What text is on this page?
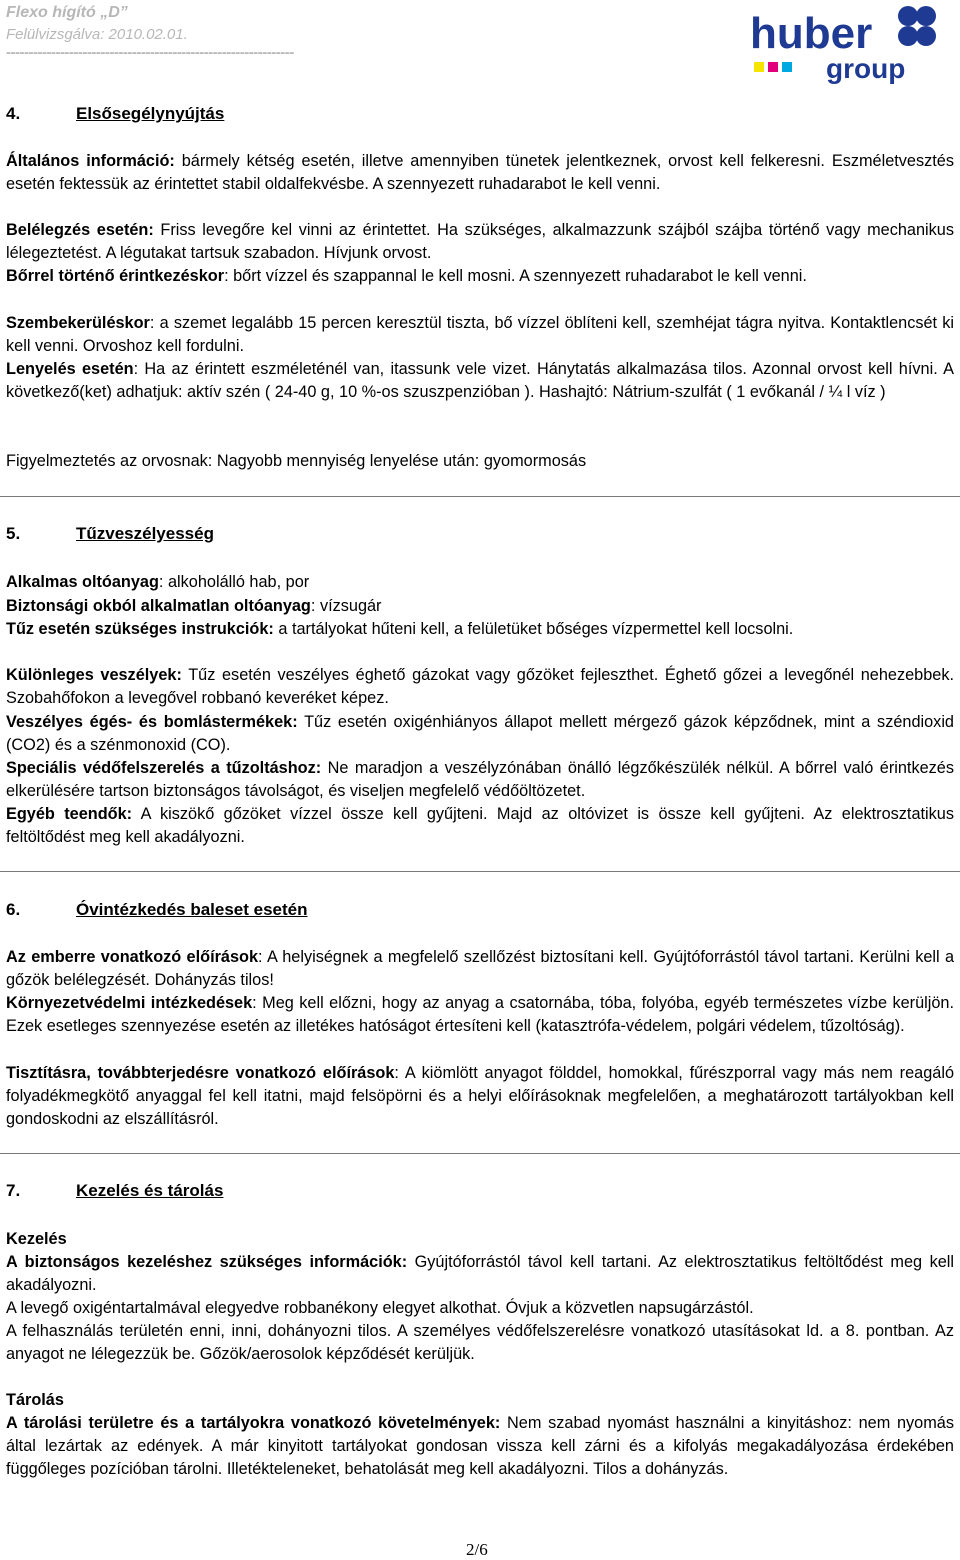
Flexo hígító „D”
Felülvizsgálva: 2010.02.01.
----------------------------------------------------------------	huber
group
4.	Elsősegélynyújtás
Általános információ: bármely kétség esetén, illetve amennyiben tünetek jelentkeznek, orvost kell felkeresni. Eszméletvesztés esetén fektessük az érintettet stabil oldalfekvésbe. A szennyezett ruhadarabot le kell venni.
Belélegzés esetén: Friss levegőre kel vinni az érintettet. Ha szükséges, alkalmazzunk szájból szájba történő vagy mechanikus lélegeztetést. A légutakat tartsuk szabadon. Hívjunk orvost.
Bőrrel történő érintkezéskor: bőrt vízzel és szappannal le kell mosni. A szennyezett ruhadarabot le kell venni.
Szembekerüléskor: a szemet legalább 15 percen keresztül tiszta, bő vízzel öblíteni kell, szemhéjat tágra nyitva. Kontaktlencsét ki kell venni. Orvoshoz kell fordulni.
Lenyelés esetén: Ha az érintett eszméleténél van, itassunk vele vizet. Hánytatás alkalmazása tilos. Azonnal orvost kell hívni. A következő(ket) adhatjuk: aktív szén ( 24-40 g, 10 %-os szuszpenzióban ). Hashajtó: Nátrium-szulfát ( 1 evőkanál / ¼ l víz )
Figyelmeztetés az orvosnak: Nagyobb mennyiség lenyelése után: gyomormosás
5.	Tűzveszélyesség
Alkalmas oltóanyag: alkoholálló hab, por
Biztonsági okból alkalmatlan oltóanyag: vízsugár
Tűz esetén szükséges instrukciók: a tartályokat hűteni kell, a felületüket bőséges vízpermettel kell locsolni.
Különleges veszélyek: Tűz esetén veszélyes éghető gázokat vagy gőzöket fejleszthet. Éghető gőzei a levegőnél nehezebbek. Szobahőfokon a levegővel robbanó keveréket képez.
Veszélyes égés- és bomlástermékek: Tűz esetén oxigénhiányos állapot mellett mérgező gázok képződnek, mint a széndioxid (CO2) és a szénmonoxid (CO).
Speciális védőfelszerelés a tűzoltáshoz: Ne maradjon a veszélyzónában önálló légzőkészülék nélkül. A bőrrel való érintkezés elkerülésére tartson biztonságos távolságot, és viseljen megfelelő védőöltözetet.
Egyéb teendők: A kiszökő gőzöket vízzel össze kell gyűjteni. Majd az oltóvizet is össze kell gyűjteni. Az elektrosztatikus feltöltődést meg kell akadályozni.
6.	Óvintézkedés baleset esetén
Az emberre vonatkozó előírások: A helyiségnek a megfelelő szellőzést biztosítani kell. Gyújtóforrástól távol tartani. Kerülni kell a gőzök belélegzését. Dohányzás tilos!
Környezetvédelmi intézkedések: Meg kell előzni, hogy az anyag a csatornába, tóba, folyóba, egyéb természetes vízbe kerüljön. Ezek esetleges szennyezése esetén az illetékes hatóságot értesíteni kell (katasztrófa-védelem, polgári védelem, tűzoltóság).
Tisztításra, továbbterjedésre vonatkozó előírások: A kiömlött anyagot földdel, homokkal, fűrészporral vagy más nem reagáló folyadékmegkötő anyaggal fel kell itatni, majd felsöpörni és a helyi előírásoknak megfelelően, a meghatározott tartályokban kell gondoskodni az elszállításról.
7.	Kezelés és tárolás
Kezelés
A biztonságos kezeléshez szükséges információk: Gyújtóforrástól távol kell tartani. Az elektrosztatikus feltöltődést meg kell akadályozni.
A levegő oxigéntartalmával elegyedve robbanékony elegyet alkothat. Óvjuk a közvetlen napsugárzástól.
A felhasználás területén enni, inni, dohányozni tilos. A személyes védőfelszerelésre vonatkozó utasításokat ld. a 8. pontban. Az anyagot ne lélegezzük be. Gőzök/aerosolok képződését kerüljük.
Tárolás
A tárolási területre és a tartályokra vonatkozó követelmények: Nem szabad nyomást használni a kinyitáshoz: nem nyomás által lezártak az edények. A már kinyitott tartályokat gondosan vissza kell zárni és a kifolyás megakadályozása érdekében függőleges pozícióban tárolni. Illetékteleneket, behatolását meg kell akadályozni. Tilos a dohányzás.
2/6
